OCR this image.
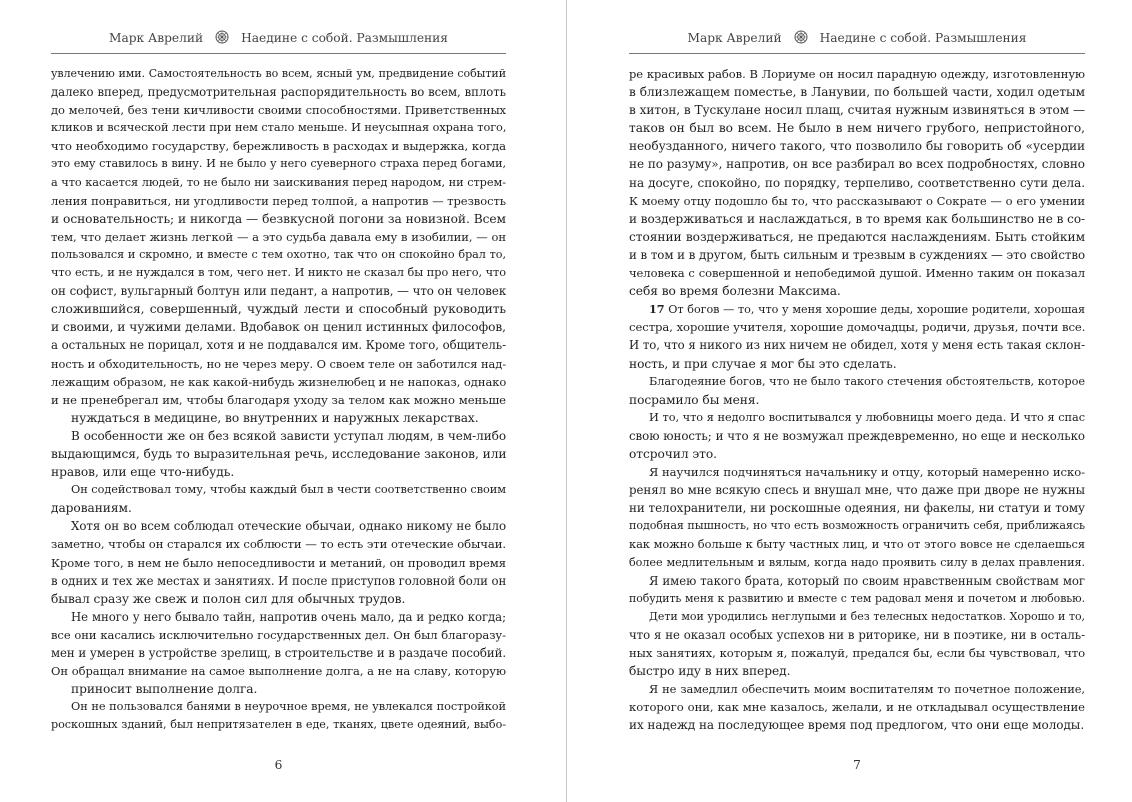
Марк Аврелий	Наедине с собой. Размышления
увлечению ими. Самостоятельность во всем, ясный ум, предвидение событий
далеко вперед, предусмотрительная распорядительность во всем, вплоть
до мелочей, без тени кичливости своими способностями. Приветственных
кликов и всяческой лести при нем стало меньше. И неусыпная охрана того,
что необходимо государству, бережливость в расходах и выдержка, когда
это ему ставилось в вину. И не было у него суеверного страха перед богами,
а что касается людей, то не было ни заискивания перед народом, ни стрем-
ления понравиться, ни угодливости перед толпой, а напротив — трезвость
и основательность; и никогда — безвкусной погони за новизной. Всем
тем, что делает жизнь легкой — а это судьба давала ему в изобилии, — он
пользовался и скромно, и вместе с тем охотно, так что он спокойно брал то,
что есть, и не нуждался в том, чего нет. И никто не сказал бы про него, что
он софист, вульгарный болтун или педант, а напротив, — что он человек
сложившийся, совершенный, чуждый лести и способный руководить
и своими, и чужими делами. Вдобавок он ценил истинных философов,
а остальных не порицал, хотя и не поддавался им. Кроме того, общитель-
ность и обходительность, но не через меру. О своем теле он заботился над-
лежащим образом, не как какой-нибудь жизнелюбец и не напоказ, однако
и не пренебрегал им, чтобы благодаря уходу за телом как можно меньше
нуждаться в медицине, во внутренних и наружных лекарствах.
В особенности же он без всякой зависти уступал людям, в чем-либо
выдающимся, будь то выразительная речь, исследование законов, или
нравов, или еще что-нибудь.
Он содействовал тому, чтобы каждый был в чести соответственно своим
дарованиям.
Хотя он во всем соблюдал отеческие обычаи, однако никому не было
заметно, чтобы он старался их соблюсти — то есть эти отеческие обычаи.
Кроме того, в нем не было непоседливости и метаний, он проводил время
в одних и тех же местах и занятиях. И после приступов головной боли он
бывал сразу же свеж и полон сил для обычных трудов.
Не много у него бывало тайн, напротив очень мало, да и редко когда;
все они касались исключительно государственных дел. Он был благоразу-
мен и умерен в устройстве зрелищ, в строительстве и в раздаче пособий.
Он обращал внимание на самое выполнение долга, а не на славу, которую
приносит выполнение долга.
Он не пользовался банями в неурочное время, не увлекался постройкой
роскошных зданий, был непритязателен в еде, тканях, цвете одеяний, выбо-
6
Марк Аврелий	Наедине с собой. Размышления
ре красивых рабов. В Лориуме он носил парадную одежду, изготовленную
в близлежащем поместье, в Ланувии, по большей части, ходил одетым
в хитон, в Тускулане носил плащ, считая нужным извиняться в этом —
таков он был во всем. Не было в нем ничего грубого, непристойного,
необузданного, ничего такого, что позволило бы говорить об «усердии
не по разуму», напротив, он все разбирал во всех подробностях, словно
на досуге, спокойно, по порядку, терпеливо, соответственно сути дела.
К моему отцу подошло бы то, что рассказывают о Сократе — о его умении
и воздерживаться и наслаждаться, в то время как большинство не в со-
стоянии воздерживаться, не предаются наслаждениям. Быть стойким
и в том и в другом, быть сильным и трезвым в суждениях — это свойство
человека с совершенной и непобедимой душой. Именно таким он показал
себя во время болезни Максима.
17 От богов — то, что у меня хорошие деды, хорошие родители, хорошая
сестра, хорошие учителя, хорошие домочадцы, родичи, друзья, почти все.
И то, что я никого из них ничем не обидел, хотя у меня есть такая склон-
ность, и при случае я мог бы это сделать.
Благодеяние богов, что не было такого стечения обстоятельств, которое
посрамило бы меня.
И то, что я недолго воспитывался у любовницы моего деда. И что я спас
свою юность; и что я не возмужал преждевременно, но еще и несколько
отсрочил это.
Я научился подчиняться начальнику и отцу, который намеренно иско-
ренял во мне всякую спесь и внушал мне, что даже при дворе не нужны
ни телохранители, ни роскошные одеяния, ни факелы, ни статуи и тому
подобная пышность, но что есть возможность ограничить себя, приближаясь
как можно больше к быту частных лиц, и что от этого вовсе не сделаешься
более медлительным и вялым, когда надо проявить силу в делах правления.
Я имею такого брата, который по своим нравственным свойствам мог
побудить меня к развитию и вместе с тем радовал меня и почетом и любовью.
Дети мои уродились неглупыми и без телесных недостатков. Хорошо и то,
что я не оказал особых успехов ни в риторике, ни в поэтике, ни в осталь-
ных занятиях, которым я, пожалуй, предался бы, если бы чувствовал, что
быстро иду в них вперед.
Я не замедлил обеспечить моим воспитателям то почетное положение,
которого они, как мне казалось, желали, и не откладывал осуществление
их надежд на последующее время под предлогом, что они еще молоды.
7
